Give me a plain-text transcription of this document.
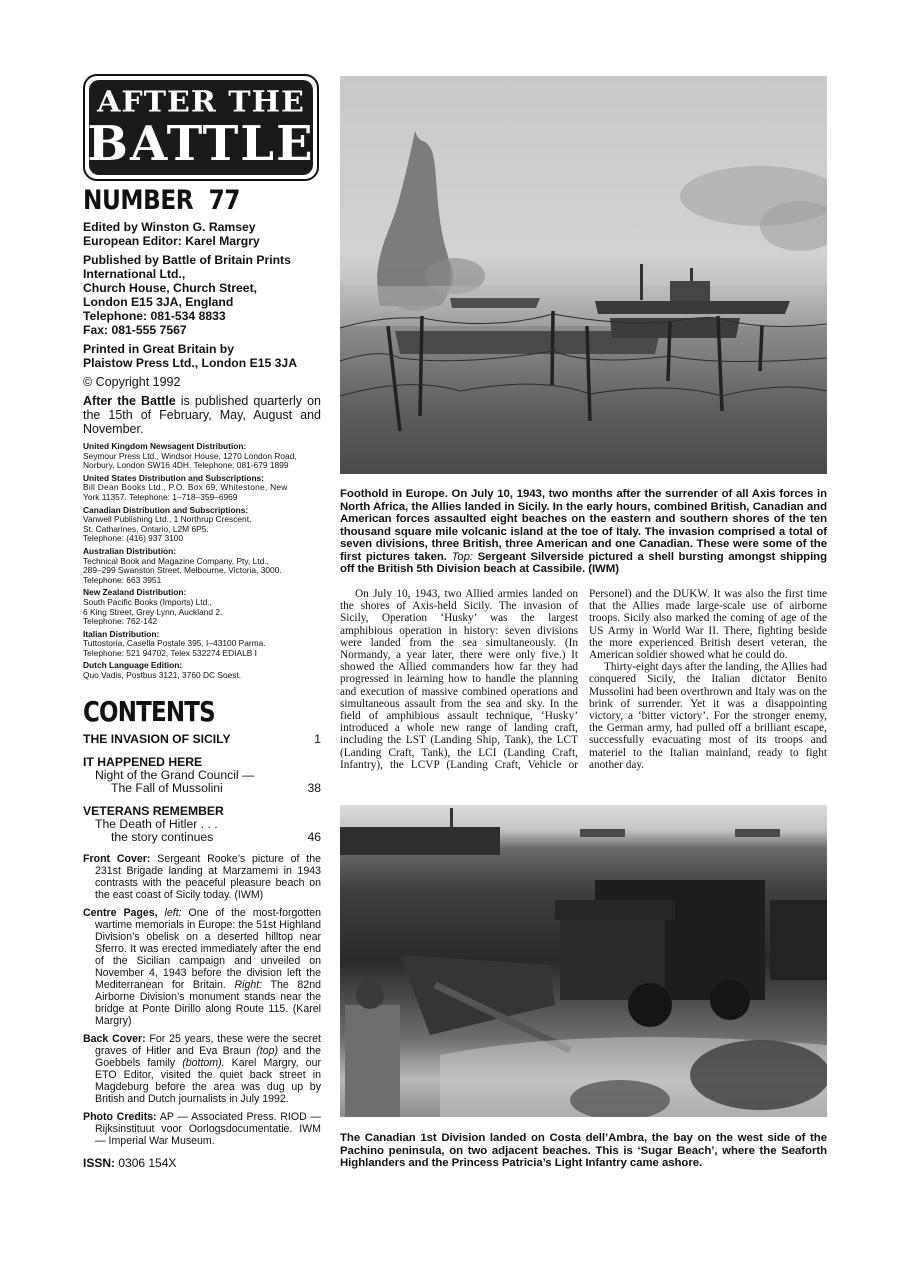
AFTER THE
BATTLE
NUMBER  77

Edited by Winston G. Ramsey
European Editor: Karel Margry

Published by Battle of Britain Prints
International Ltd.,
Church House, Church Street,
London E15 3JA, England
Telephone: 081-534 8833
Fax: 081-555 7567

Printed in Great Britain by
Plaistow Press Ltd., London E15 3JA

© Copyright 1992
After the Battle is published quarterly on the 15th of February, May, August and November.
United Kingdom Newsagent Distribution:
Seymour Press Ltd., Windsor House, 1270 London Road,
Norbury, London SW16 4DH. Telephone: 081-679 1899
United States Distribution and Subscriptions:
Bill Dean Books Ltd., P.O. Box 69, Whitestone, New
York 11357. Telephone: 1–718–359–6969
Canadian Distribution and Subscriptions:
Vanwell Publishing Ltd., 1 Northrup Crescent,
St. Catharines, Ontario, L2M 6P5.
Telephone: (416) 937 3100
Australian Distribution:
Technical Book and Magazine Company, Pty, Ltd.,
289–299 Swanston Street, Melbourne, Victoria, 3000.
Telephone: 663 3951
New Zealand Distribution:
South Pacific Books (Imports) Ltd.,
6 King Street, Grey Lynn, Auckland 2.
Telephone: 762-142
Italian Distribution:
Tuttostoria, Casella Postale 395, I–43100 Parma.
Telephone: 521 94702, Telex 532274 EDIALB I
Dutch Language Edition:
Quo Vadis, Postbus 3121, 3760 DC Soest.
CONTENTS
THE INVASION OF SICILY	1
IT HAPPENED HERE
Night of the Grand Council —
The Fall of Mussolini	38
VETERANS REMEMBER
The Death of Hitler . . .
the story continues	46
Front Cover: Sergeant Rooke’s picture of the 231st Brigade landing at Marzamemi in 1943 contrasts with the peaceful pleasure beach on the east coast of Sicily today. (IWM)
Centre Pages, left: One of the most-forgotten wartime memorials in Europe: the 51st Highland Division’s obelisk on a deserted hilltop near Sferro. It was erected immediately after the end of the Sicilian campaign and unveiled on November 4, 1943 before the division left the Mediterranean for Britain. Right: The 82nd Airborne Division’s monument stands near the bridge at Ponte Dirillo along Route 115. (Karel Margry)
Back Cover: For 25 years, these were the secret graves of Hitler and Eva Braun (top) and the Goebbels family (bottom). Karel Margry, our ETO Editor, visited the quiet back street in Magdeburg before the area was dug up by British and Dutch journalists in July 1992.
Photo Credits: AP — Associated Press. RIOD — Rijksinstituut voor Oorlogsdocumentatie. IWM — Imperial War Museum.
ISSN: 0306 154X
Foothold in Europe. On July 10, 1943, two months after the surrender of all Axis forces in North Africa, the Allies landed in Sicily. In the early hours, combined British, Canadian and American forces assaulted eight beaches on the eastern and southern shores of the ten thousand square mile volcanic island at the toe of Italy. The invasion comprised a total of seven divisions, three British, three American and one Canadian. These were some of the first pictures taken. Top: Sergeant Silverside pictured a shell bursting amongst shipping off the British 5th Division beach at Cassibile. (IWM)

On July 10, 1943, two Allied armies landed on the shores of Axis-held Sicily. The invasion of Sicily, Operation ‘Husky’ was the largest amphibious operation in history: seven divisions were landed from the sea simultaneously. (In Normandy, a year later, there were only five.) It showed the Allied commanders how far they had progressed in learning how to handle the planning and execution of massive combined operations and simultaneous assault from the sea and sky. In the field of amphibious assault technique, ‘Husky’ introduced a whole new range of landing craft, including the LST (Landing Ship, Tank), the LCT (Landing Craft, Tank), the LCI (Landing Craft, Infantry), the LCVP (Landing Craft, Vehicle or Personel) and the DUKW. It was also the first time that the Allies made large-scale use of airborne troops. Sicily also marked the coming of age of the US Army in World War II. There, fighting beside the more experienced British desert veteran, the American soldier showed what he could do.

Thirty-eight days after the landing, the Allies had conquered Sicily, the Italian dictator Benito Mussolini had been overthrown and Italy was on the brink of surrender. Yet it was a disappointing victory, a ‘bitter victory’. For the stronger enemy, the German army, had pulled off a brilliant escape, successfully evacuating most of its troops and materiel to the Italian mainland, ready to fight another day.

The Canadian 1st Division landed on Costa dell’Ambra, the bay on the west side of the Pachino peninsula, on two adjacent beaches. This is ‘Sugar Beach’, where the Seaforth Highlanders and the Princess Patricia’s Light Infantry came ashore.
